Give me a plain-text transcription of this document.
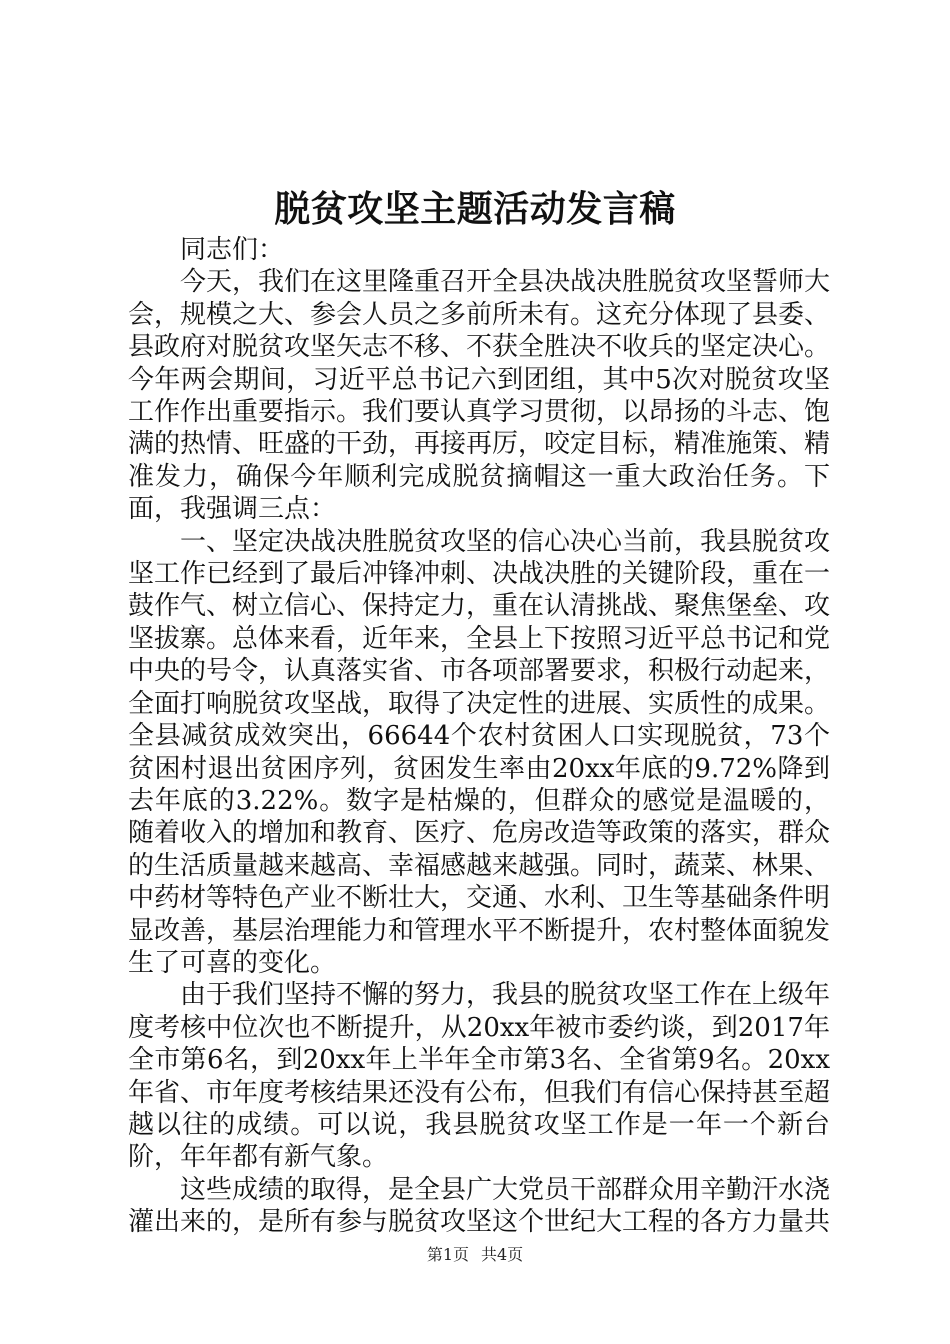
脱贫攻坚主题活动发言稿

同志们：

今天，我们在这里隆重召开全县决战决胜脱贫攻坚誓师大会，规模之大、参会人员之多前所未有。这充分体现了县委、县政府对脱贫攻坚矢志不移、不获全胜决不收兵的坚定决心。今年两会期间，习近平总书记六到团组，其中5次对脱贫攻坚工作作出重要指示。我们要认真学习贯彻，以昂扬的斗志、饱满的热情、旺盛的干劲，再接再厉，咬定目标，精准施策、精准发力，确保今年顺利完成脱贫摘帽这一重大政治任务。下面，我强调三点：

一、坚定决战决胜脱贫攻坚的信心决心当前，我县脱贫攻坚工作已经到了最后冲锋冲刺、决战决胜的关键阶段，重在一鼓作气、树立信心、保持定力，重在认清挑战、聚焦堡垒、攻坚拔寨。总体来看，近年来，全县上下按照习近平总书记和党中央的号令，认真落实省、市各项部署要求，积极行动起来，全面打响脱贫攻坚战，取得了决定性的进展、实质性的成果。全县减贫成效突出，66644个农村贫困人口实现脱贫，73个贫困村退出贫困序列，贫困发生率由20xx年底的9.72%降到去年底的3.22%。数字是枯燥的，但群众的感觉是温暖的，随着收入的增加和教育、医疗、危房改造等政策的落实，群众的生活质量越来越高、幸福感越来越强。同时，蔬菜、林果、中药材等特色产业不断壮大，交通、水利、卫生等基础条件明显改善，基层治理能力和管理水平不断提升，农村整体面貌发生了可喜的变化。

由于我们坚持不懈的努力，我县的脱贫攻坚工作在上级年度考核中位次也不断提升，从20xx年被市委约谈，到2017年全市第6名，到20xx年上半年全市第3名、全省第9名。20xx年省、市年度考核结果还没有公布，但我们有信心保持甚至超越以往的成绩。可以说，我县脱贫攻坚工作是一年一个新台阶，年年都有新气象。

这些成绩的取得，是全县广大党员干部群众用辛勤汗水浇灌出来的，是所有参与脱贫攻坚这个世纪大工程的各方力量共

第1页 共4页
